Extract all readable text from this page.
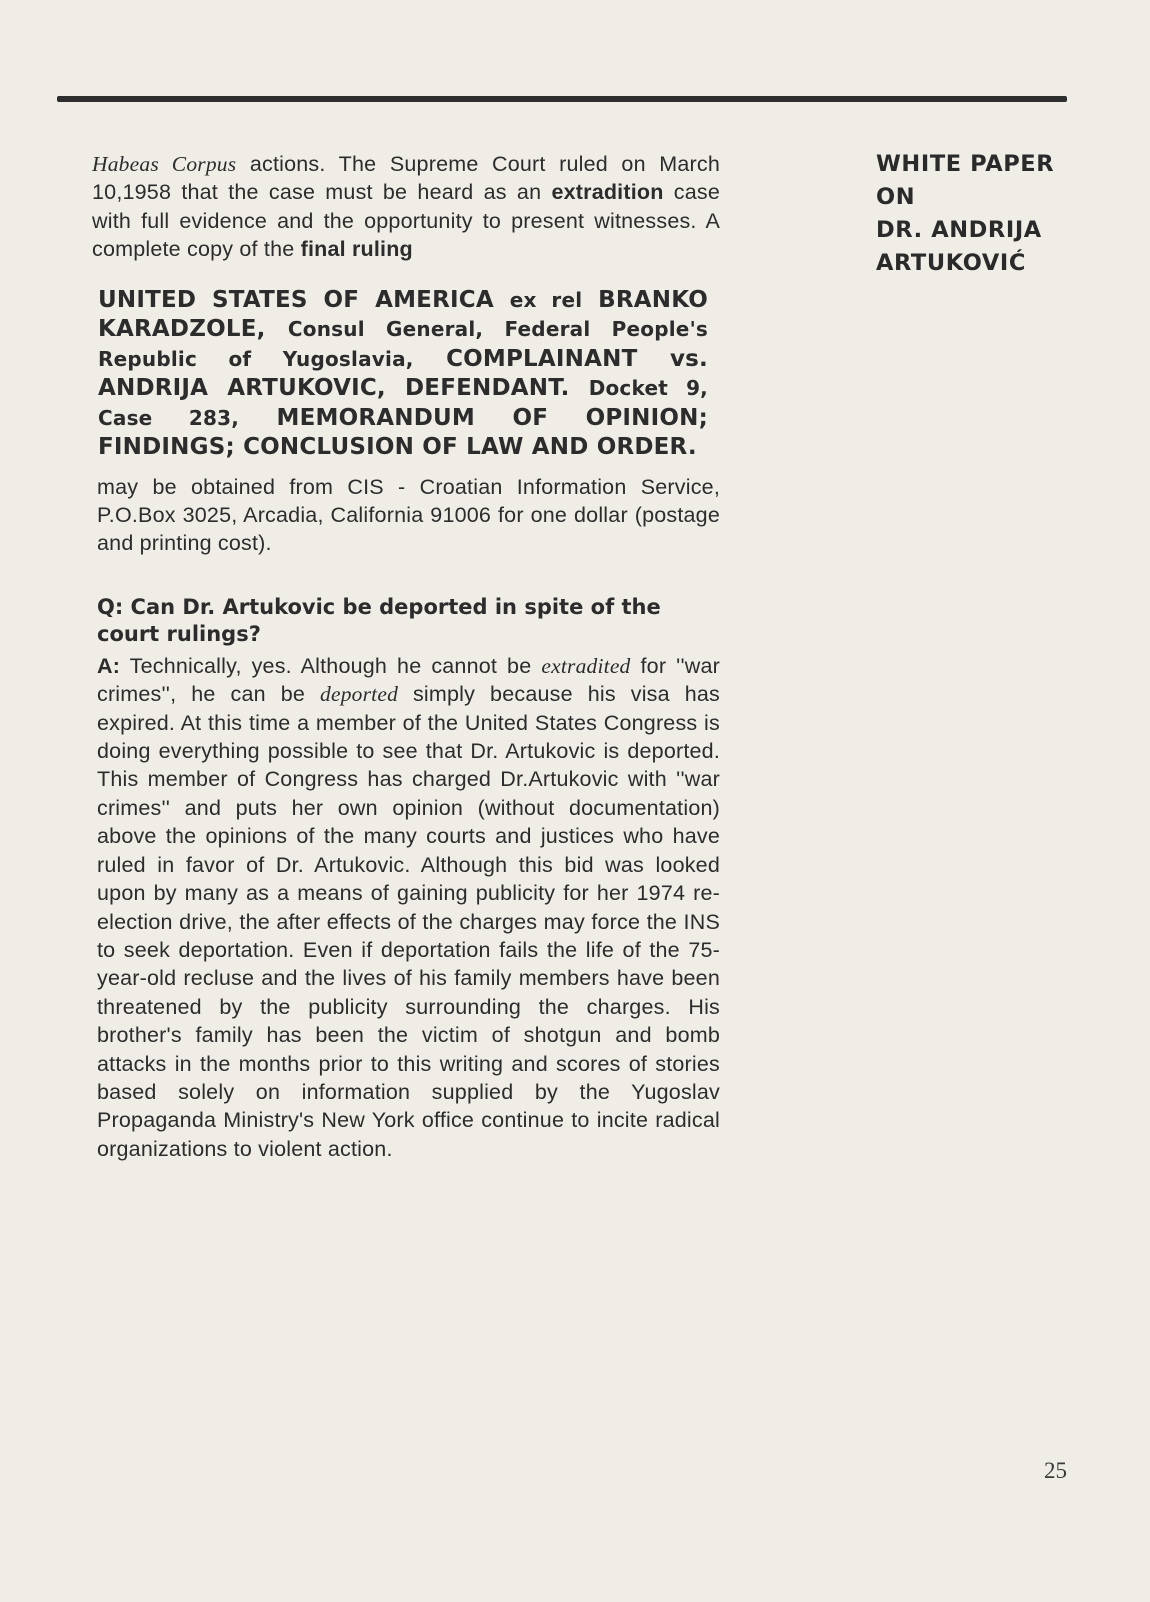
Habeas Corpus actions. The Supreme Court ruled on March 10,1958 that the case must be heard as an extradition case with full evidence and the opportunity to present witnesses. A complete copy of the final ruling

UNITED STATES OF AMERICA ex rel BRANKO KARADZOLE, Consul General, Federal People's Republic of Yugoslavia, COMPLAINANT vs. ANDRIJA ARTUKOVIC, DEFENDANT. Docket 9, Case 283, MEMORANDUM OF OPINION; FINDINGS; CONCLUSION OF LAW AND ORDER.

may be obtained from CIS - Croatian Information Service, P.O.Box 3025, Arcadia, California 91006 for one dollar (postage and printing cost).

Q: Can Dr. Artukovic be deported in spite of the court rulings?

A: Technically, yes. Although he cannot be extradited for ''war crimes'', he can be deported simply because his visa has expired. At this time a member of the United States Congress is doing everything possible to see that Dr. Artukovic is deported. This member of Congress has charged Dr.Artukovic with ''war crimes'' and puts her own opinion (without documentation) above the opinions of the many courts and justices who have ruled in favor of Dr. Artukovic. Although this bid was looked upon by many as a means of gaining publicity for her 1974 re-election drive, the after effects of the charges may force the INS to seek deportation. Even if deportation fails the life of the 75-year-old recluse and the lives of his family members have been threatened by the publicity surrounding the charges. His brother's family has been the victim of shotgun and bomb attacks in the months prior to this writing and scores of stories based solely on information supplied by the Yugoslav Propaganda Ministry's New York office continue to incite radical organizations to violent action.

WHITE PAPER
ON
DR. ANDRIJA
ARTUKOVIĆ
25
